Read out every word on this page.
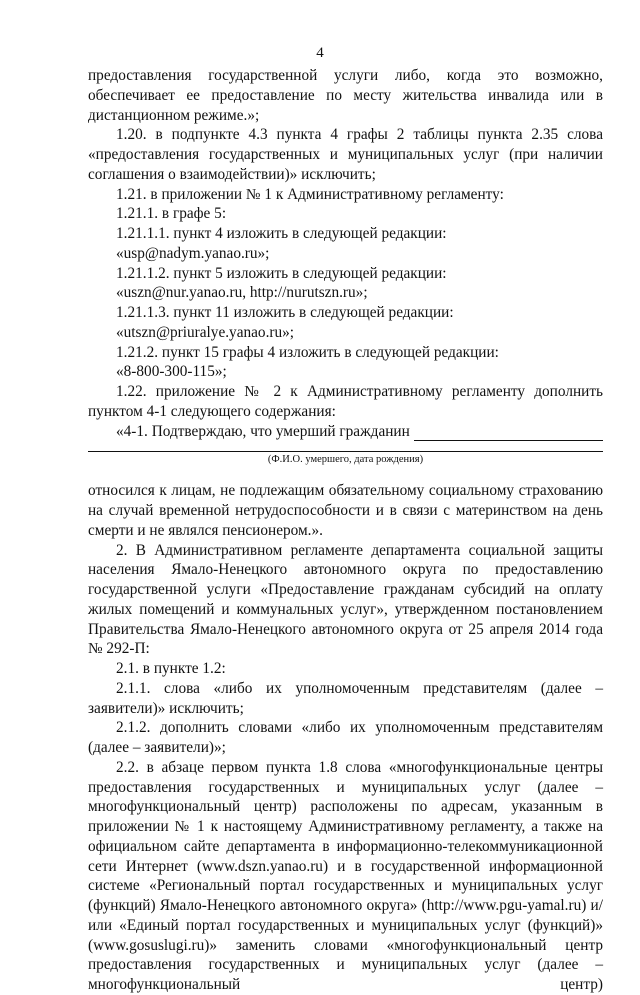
4

предоставления государственной услуги либо, когда это возможно, обеспечивает ее предоставление по месту жительства инвалида или в дистанционном режиме.»;

1.20. в подпункте 4.3 пункта 4 графы 2 таблицы пункта 2.35 слова «предоставления государственных и муниципальных услуг (при наличии соглашения о взаимодействии)» исключить;

1.21. в приложении № 1 к Административному регламенту:

1.21.1. в графе 5:

1.21.1.1. пункт 4 изложить в следующей редакции:

«usp@nadym.yanao.ru»;

1.21.1.2. пункт 5 изложить в следующей редакции:

«uszn@nur.yanao.ru, http://nurutszn.ru»;

1.21.1.3. пункт 11 изложить в следующей редакции:

«utszn@priuralye.yanao.ru»;

1.21.2. пункт 15 графы 4 изложить в следующей редакции:

«8-800-300-115»;

1.22. приложение № 2 к Административному регламенту дополнить пунктом 4-1 следующего содержания:

«4-1. Подтверждаю, что умерший гражданин
(Ф.И.О. умершего, дата рождения)

относился к лицам, не подлежащим обязательному социальному страхованию на случай временной нетрудоспособности и в связи с материнством на день смерти и не являлся пенсионером.».

2. В Административном регламенте департамента социальной защиты населения Ямало-Ненецкого автономного округа по предоставлению государственной услуги «Предоставление гражданам субсидий на оплату жилых помещений и коммунальных услуг», утвержденном постановлением Правительства Ямало-Ненецкого автономного округа от 25 апреля 2014 года № 292-П:

2.1. в пункте 1.2:

2.1.1. слова «либо их уполномоченным представителям (далее – заявители)» исключить;

2.1.2. дополнить словами «либо их уполномоченным представителям (далее – заявители)»;

2.2. в абзаце первом пункта 1.8 слова «многофункциональные центры предоставления государственных и муниципальных услуг (далее – многофункциональный центр) расположены по адресам, указанным в приложении № 1 к настоящему Административному регламенту, а также на официальном сайте департамента в информационно-телекоммуникационной сети Интернет (www.dszn.yanao.ru) и в государственной информационной системе «Региональный портал государственных и муниципальных услуг (функций) Ямало-Ненецкого автономного округа» (http://www.pgu-yamal.ru) и/или «Единый портал государственных и муниципальных услуг (функций)» (www.gosuslugi.ru)» заменить словами «многофункциональный центр предоставления государственных и муниципальных услуг (далее – многофункциональный центр)
